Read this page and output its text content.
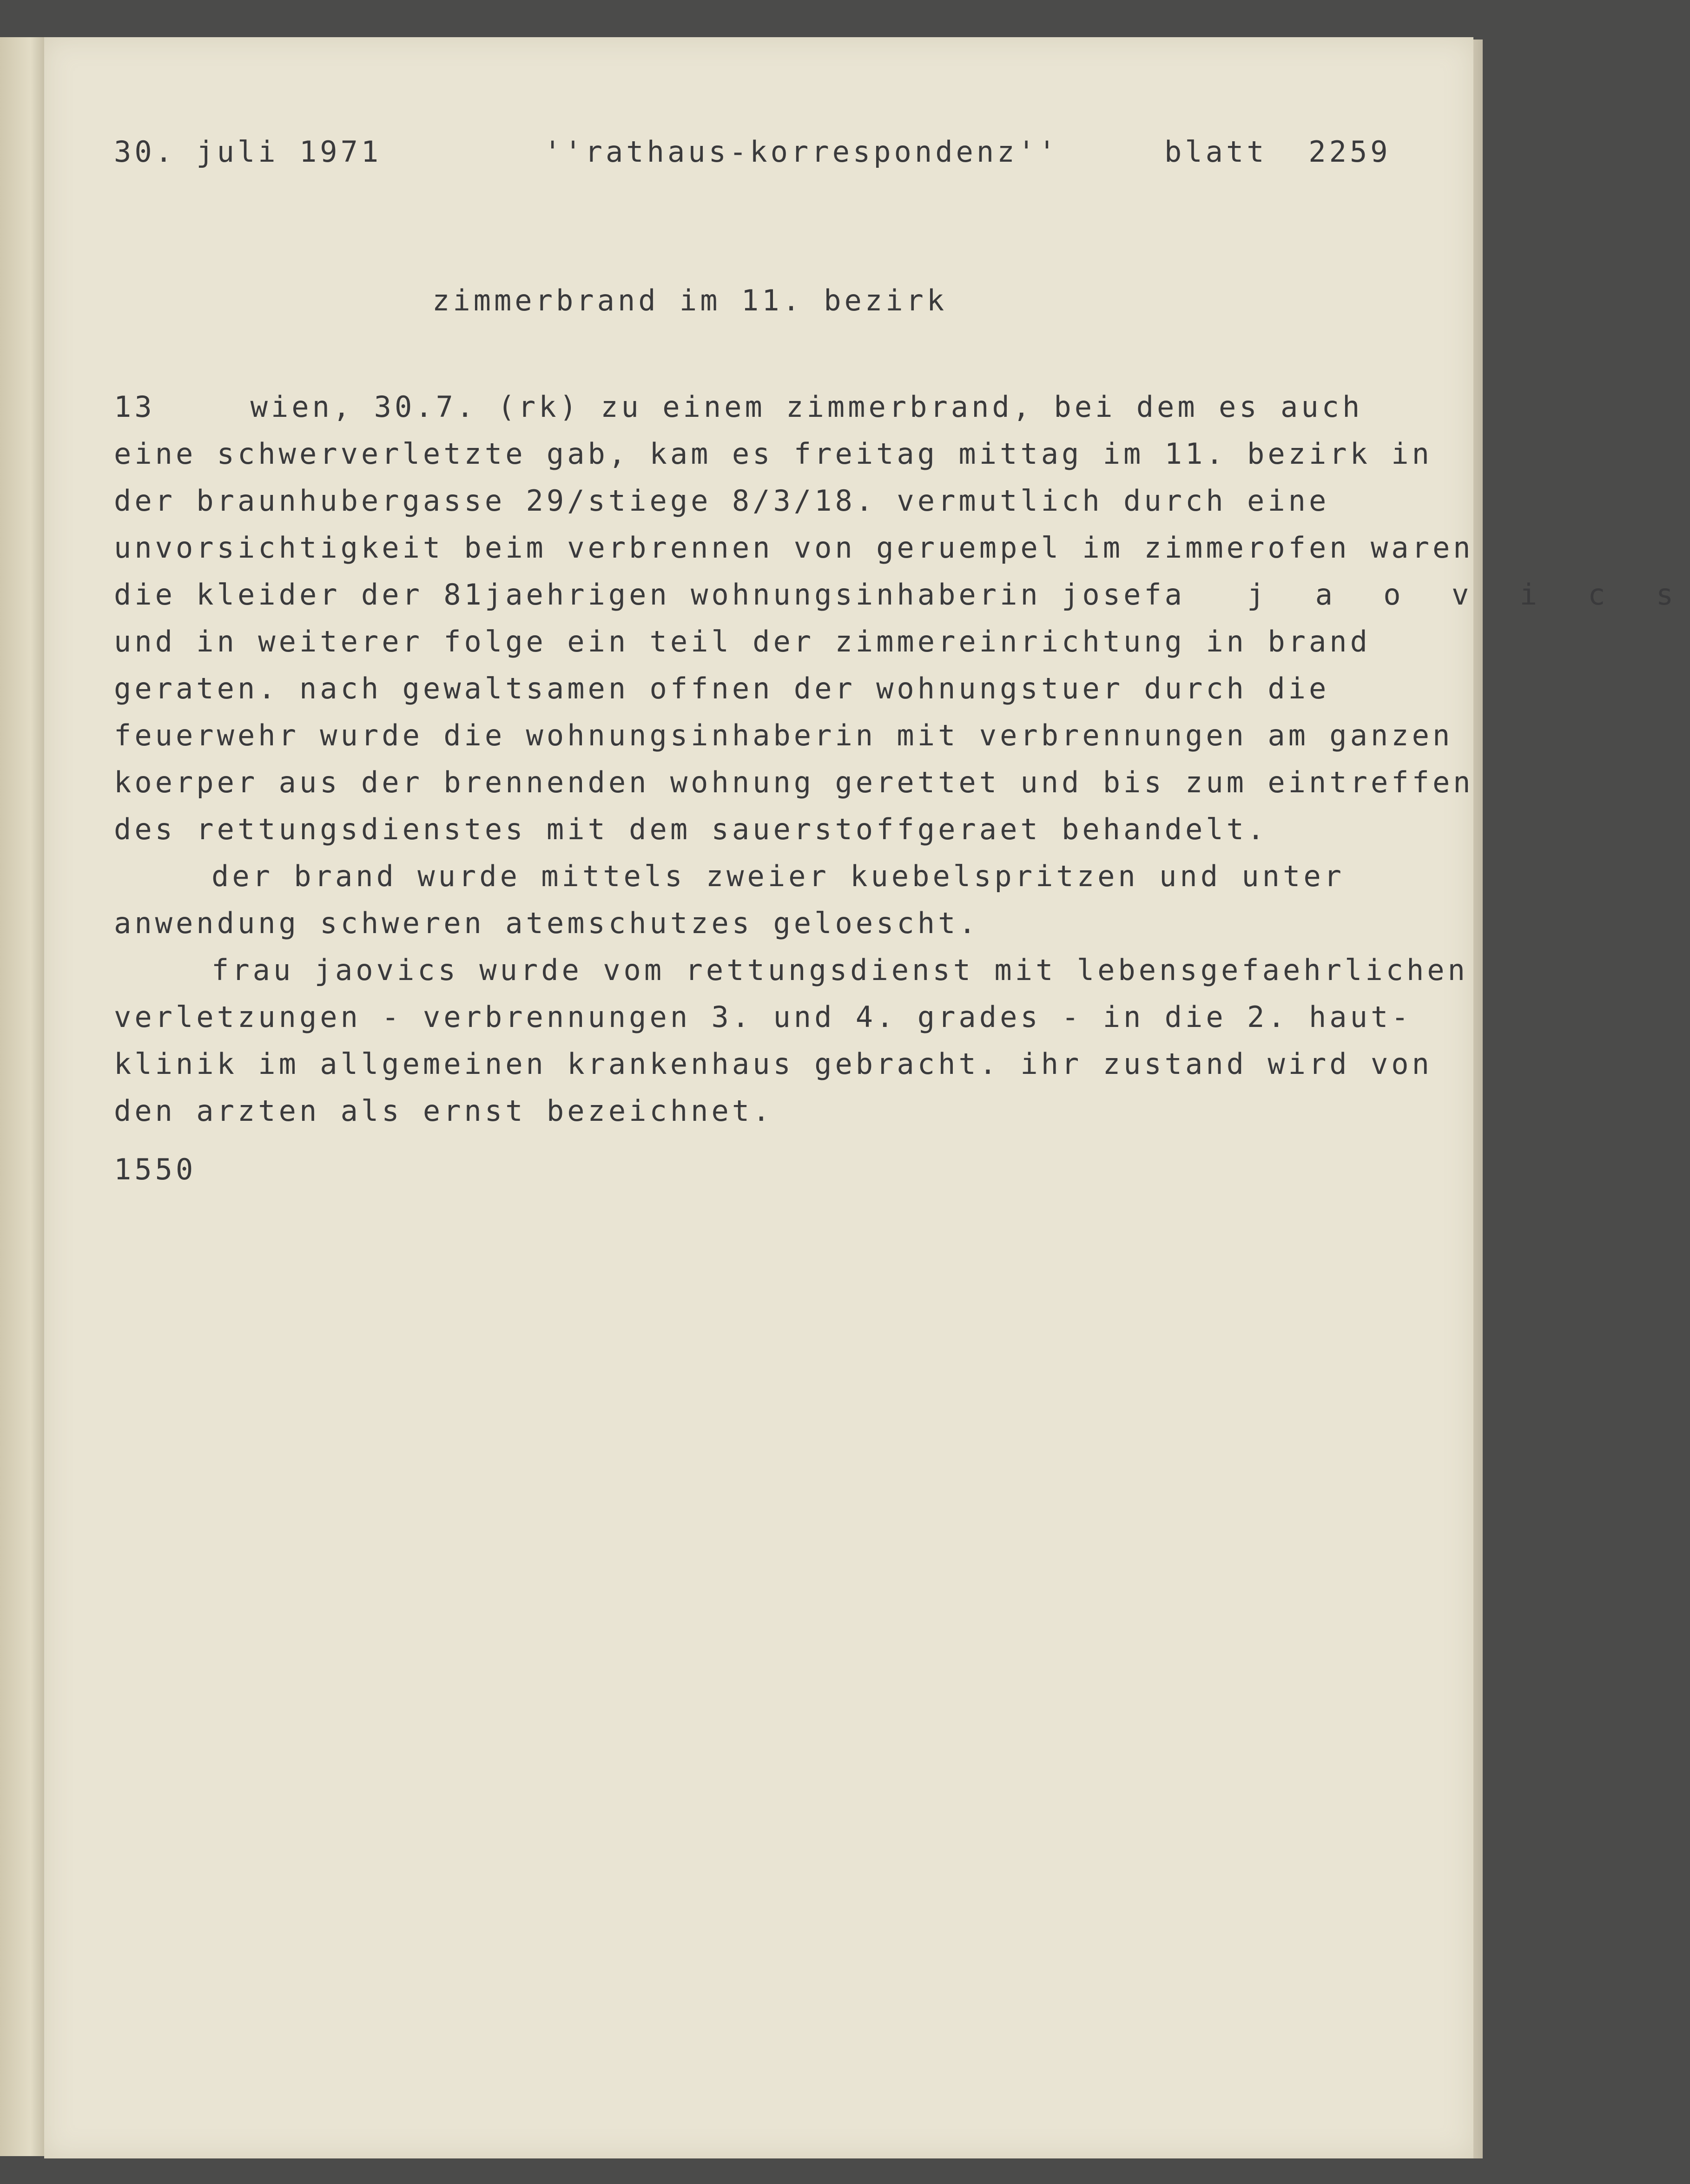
30. juli 1971	''rathaus-korrespondenz''	blatt  2259
zimmerbrand im 11. bezirk
13	wien, 30.7. (rk) zu einem zimmerbrand, bei dem es auch
eine schwerverletzte gab, kam es freitag mittag im 11. bezirk in
der braunhubergasse 29/stiege 8/3/18. vermutlich durch eine
unvorsichtigkeit beim verbrennen von geruempel im zimmerofen waren
die kleider der 81jaehrigen wohnungsinhaberin josefa j a o v i c s
und in weiterer folge ein teil der zimmereinrichtung in brand
geraten. nach gewaltsamen offnen der wohnungstuer durch die
feuerwehr wurde die wohnungsinhaberin mit verbrennungen am ganzen
koerper aus der brennenden wohnung gerettet und bis zum eintreffen
des rettungsdienstes mit dem sauerstoffgeraet behandelt.
der brand wurde mittels zweier kuebelspritzen und unter
anwendung schweren atemschutzes geloescht.
frau jaovics wurde vom rettungsdienst mit lebensgefaehrlichen
verletzungen - verbrennungen 3. und 4. grades - in die 2. haut-
klinik im allgemeinen krankenhaus gebracht. ihr zustand wird von
den arzten als ernst bezeichnet.
1550
